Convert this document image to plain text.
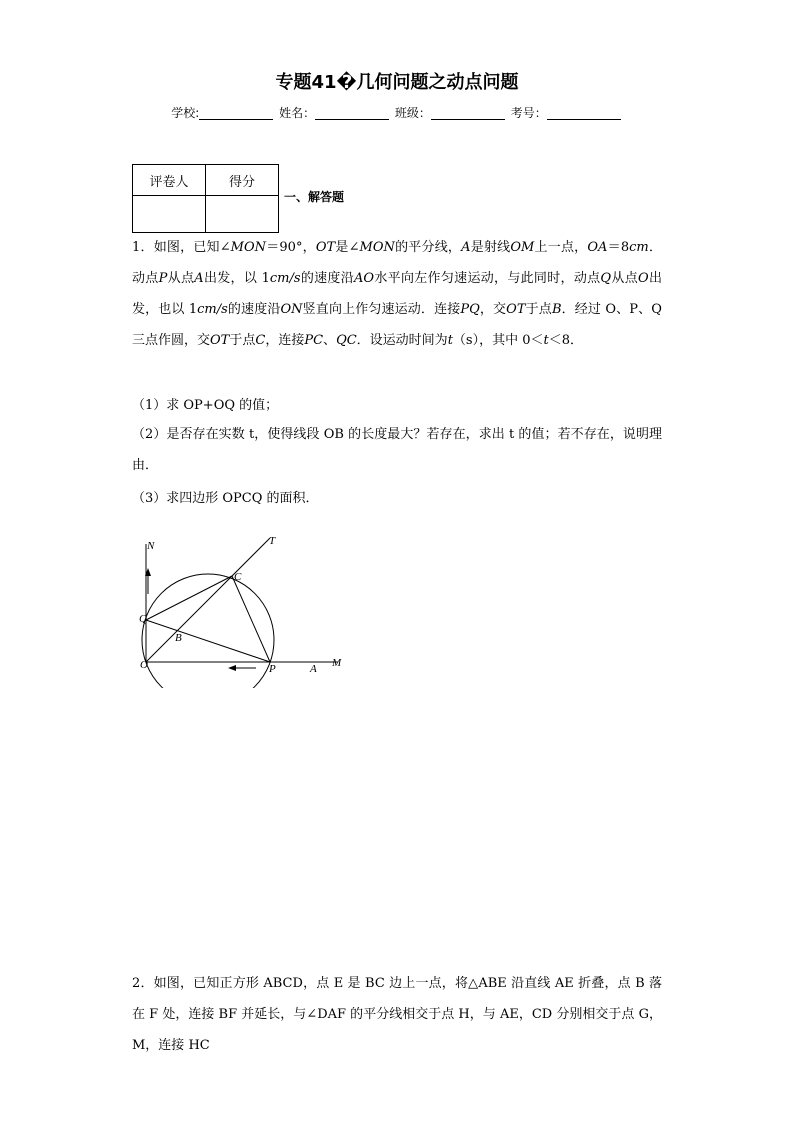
专题41�几何问题之动点问题
学校:	姓名：	班级：	考号：
评卷人	得分

一、解答题
1．如图，已知∠MON＝90°，OT是∠MON的平分线，A是射线OM上一点，OA＝8cm．动点P从点A出发，以 1cm/s的速度沿AO水平向左作匀速运动，与此同时，动点Q从点O出发，也以 1cm/s的速度沿ON竖直向上作匀速运动．连接PQ，交OT于点B．经过 O、P、Q 三点作圆，交OT于点C，连接PC、QC．设运动时间为t（s），其中 0＜t＜8．
（1）求 OP+OQ 的值；
（2）是否存在实数 t，使得线段 OB 的长度最大？若存在，求出 t 的值；若不存在，说明理由．
（3）求四边形 OPCQ 的面积．
N	T
C
Q
B
O	P	A M
2．如图，已知正方形 ABCD，点 E 是 BC 边上一点，将△ABE 沿直线 AE 折叠，点 B 落在 F 处，连接 BF 并延长，与∠DAF 的平分线相交于点 H，与 AE，CD 分别相交于点 G，M，连接 HC
